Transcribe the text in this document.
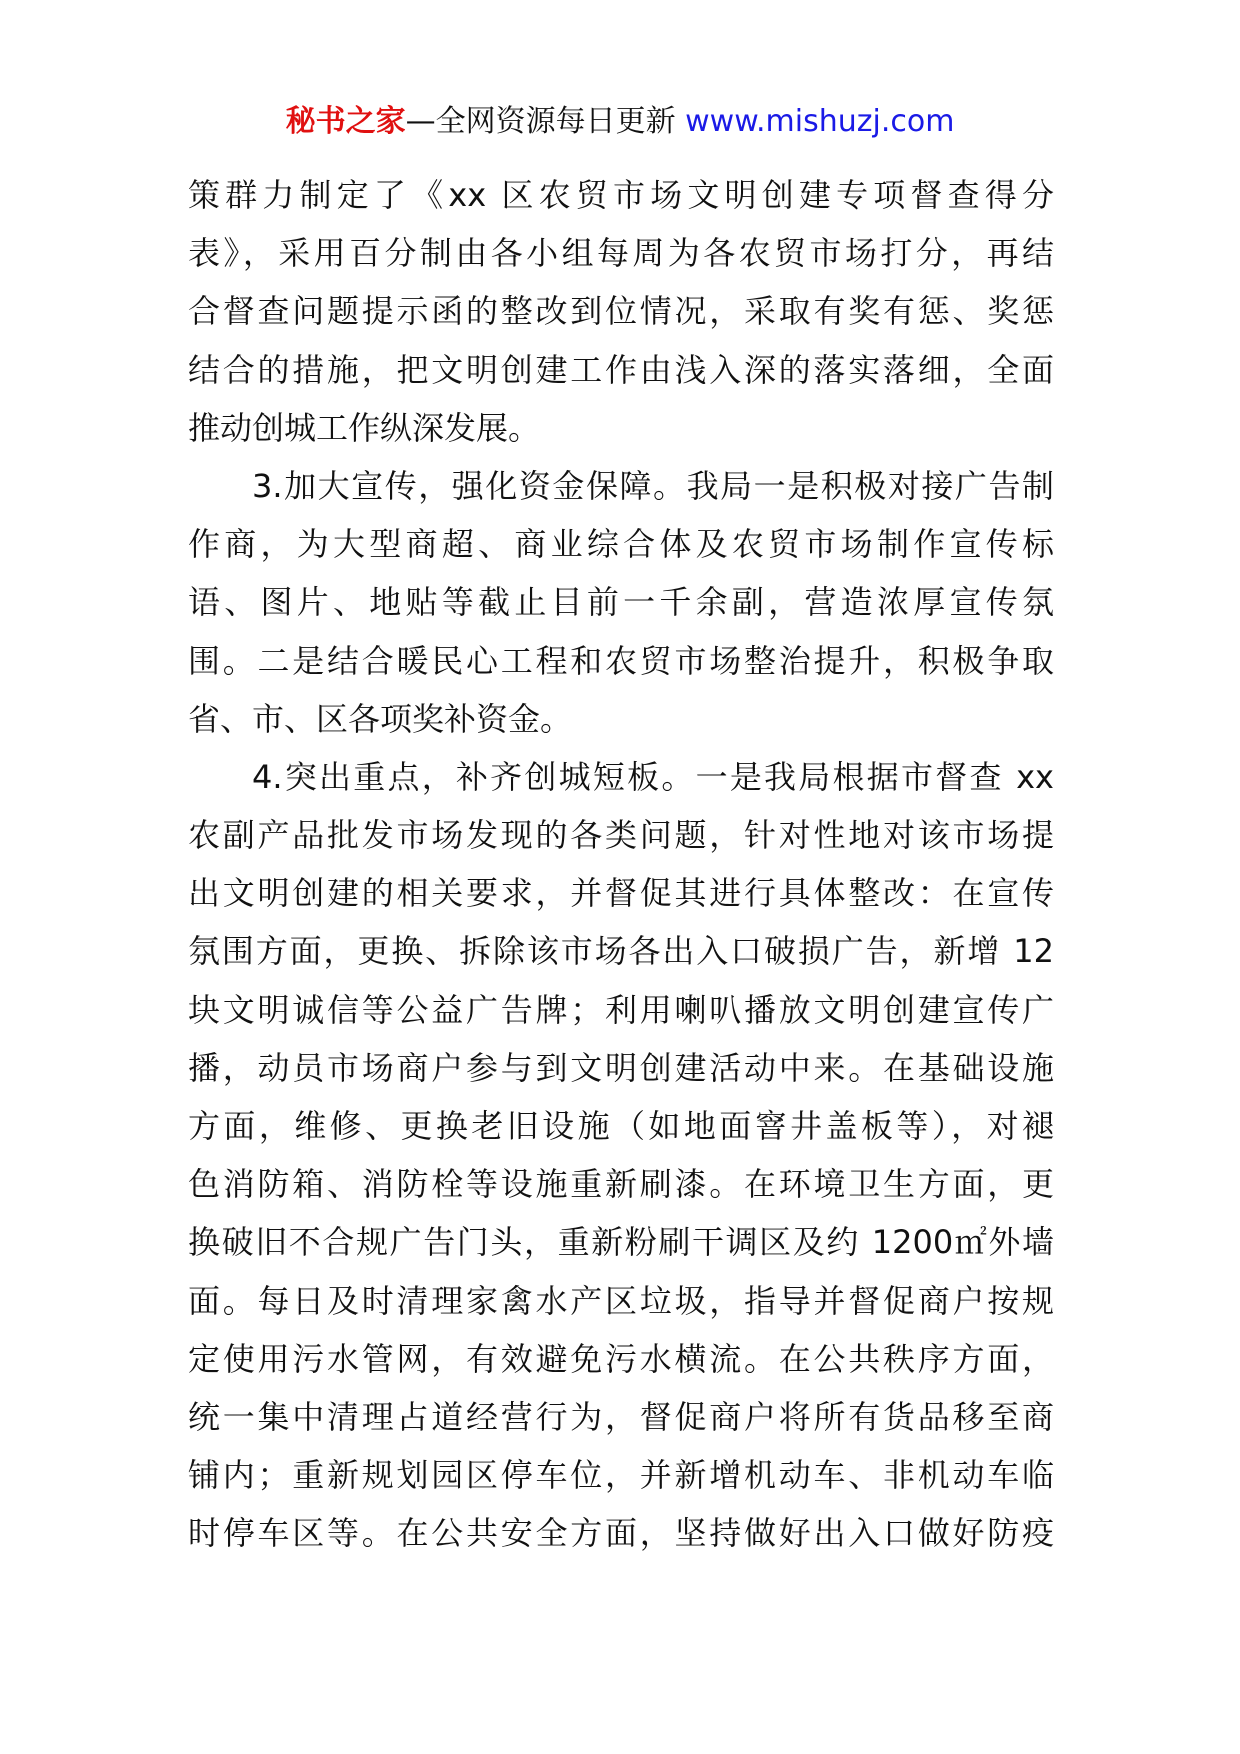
秘书之家—全网资源每日更新 www.mishuzj.com
策群力制定了《xx 区农贸市场文明创建专项督查得分
表》，采用百分制由各小组每周为各农贸市场打分，再结
合督查问题提示函的整改到位情况，采取有奖有惩、奖惩
结合的措施，把文明创建工作由浅入深的落实落细，全面
推动创城工作纵深发展。
3.加大宣传，强化资金保障。我局一是积极对接广告制
作商，为大型商超、商业综合体及农贸市场制作宣传标
语、图片、地贴等截止目前一千余副，营造浓厚宣传氛
围。二是结合暖民心工程和农贸市场整治提升，积极争取
省、市、区各项奖补资金。
4.突出重点，补齐创城短板。一是我局根据市督查 xx
农副产品批发市场发现的各类问题，针对性地对该市场提
出文明创建的相关要求，并督促其进行具体整改：在宣传
氛围方面，更换、拆除该市场各出入口破损广告，新增 12
块文明诚信等公益广告牌；利用喇叭播放文明创建宣传广
播，动员市场商户参与到文明创建活动中来。在基础设施
方面，维修、更换老旧设施（如地面窨井盖板等），对褪
色消防箱、消防栓等设施重新刷漆。在环境卫生方面，更
换破旧不合规广告门头，重新粉刷干调区及约 1200㎡外墙
面。每日及时清理家禽水产区垃圾，指导并督促商户按规
定使用污水管网，有效避免污水横流。在公共秩序方面，
统一集中清理占道经营行为，督促商户将所有货品移至商
铺内；重新规划园区停车位，并新增机动车、非机动车临
时停车区等。在公共安全方面，坚持做好出入口做好防疫
